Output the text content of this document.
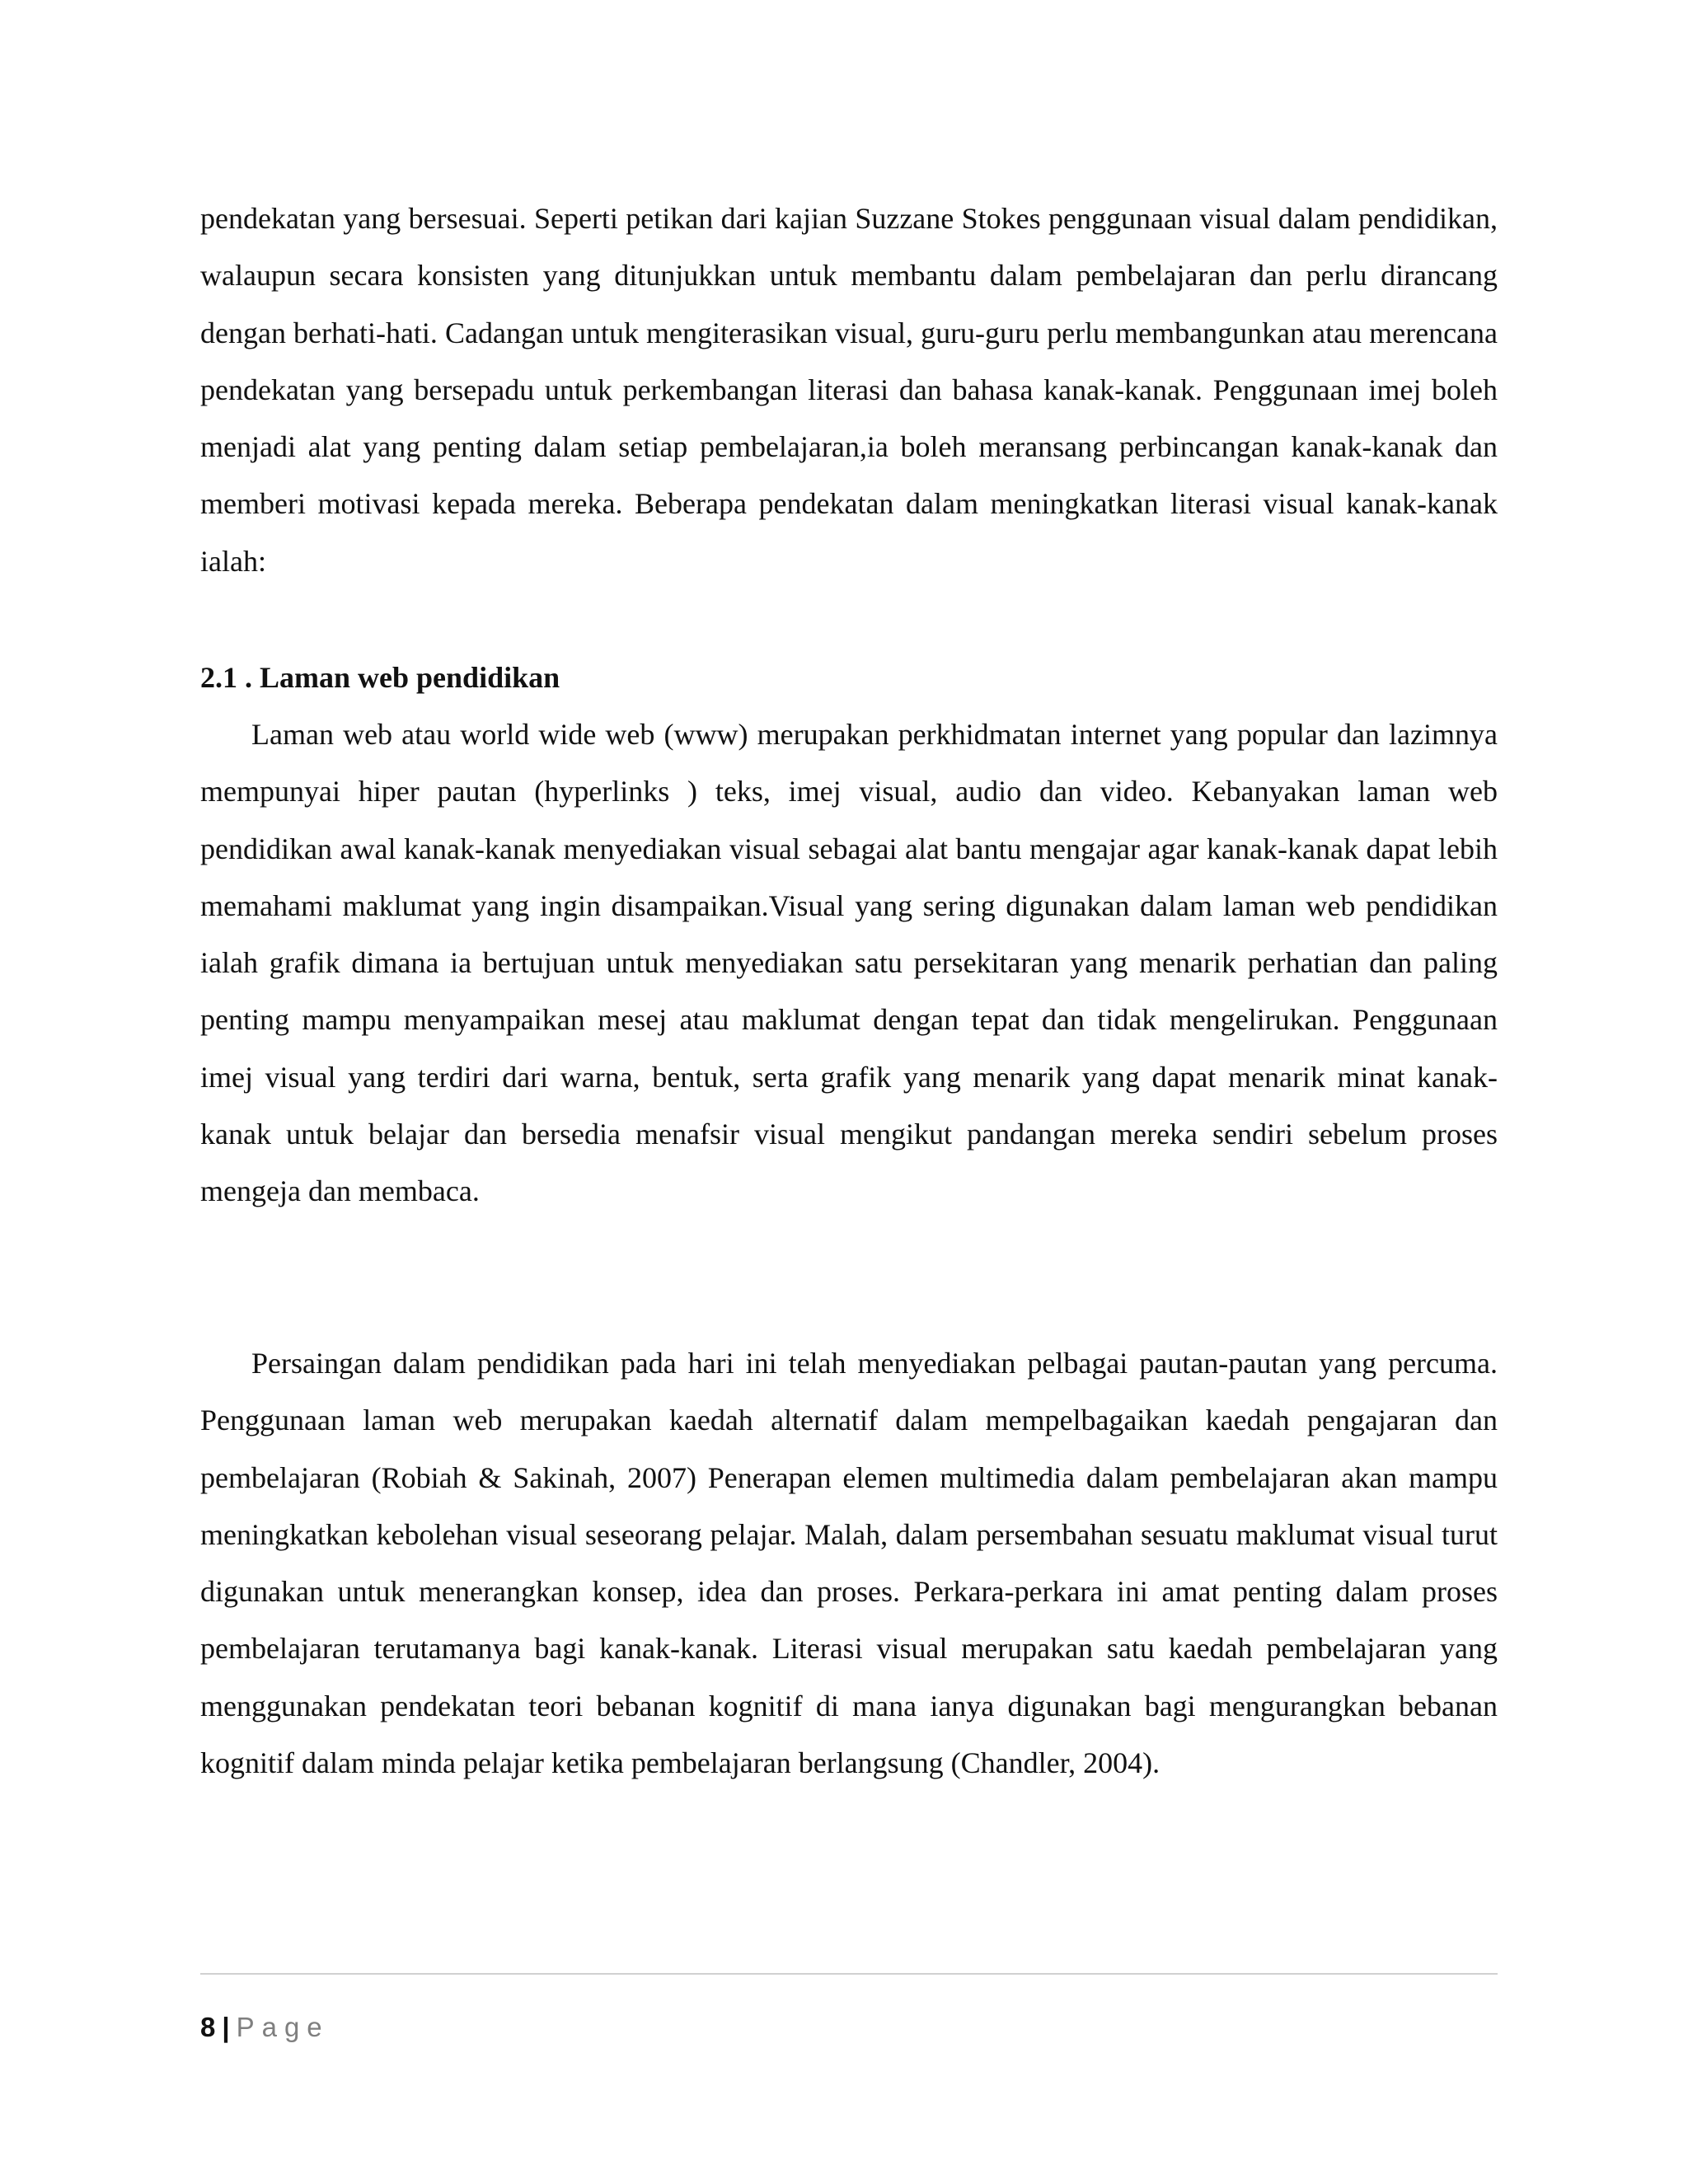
pendekatan yang bersesuai. Seperti petikan dari kajian Suzzane Stokes penggunaan visual dalam pendidikan, walaupun secara konsisten yang ditunjukkan untuk membantu dalam pembelajaran dan perlu dirancang dengan berhati-hati. Cadangan untuk mengiterasikan visual, guru-guru perlu membangunkan atau merencana pendekatan yang bersepadu untuk perkembangan literasi dan bahasa kanak-kanak. Penggunaan imej boleh menjadi alat yang penting dalam setiap pembelajaran,ia boleh meransang perbincangan kanak-kanak dan memberi motivasi kepada mereka. Beberapa pendekatan dalam meningkatkan literasi visual kanak-kanak ialah:

2.1 . Laman web pendidikan

Laman web atau world wide web (www) merupakan perkhidmatan internet yang popular dan lazimnya mempunyai hiper pautan (hyperlinks ) teks, imej visual, audio dan video. Kebanyakan laman web pendidikan awal kanak-kanak menyediakan visual sebagai alat bantu mengajar agar kanak-kanak dapat lebih memahami maklumat yang ingin disampaikan.Visual yang sering digunakan dalam laman web pendidikan ialah grafik dimana ia bertujuan untuk menyediakan satu persekitaran yang menarik perhatian dan paling penting mampu menyampaikan mesej atau maklumat dengan tepat dan tidak mengelirukan. Penggunaan imej visual yang terdiri dari warna, bentuk, serta grafik yang menarik yang dapat menarik minat kanak-kanak untuk belajar dan bersedia menafsir visual mengikut pandangan mereka sendiri sebelum proses mengeja dan membaca.

Persaingan dalam pendidikan pada hari ini telah menyediakan pelbagai pautan-pautan yang percuma. Penggunaan laman web merupakan kaedah alternatif dalam mempelbagaikan kaedah pengajaran dan pembelajaran (Robiah & Sakinah, 2007) Penerapan elemen multimedia dalam pembelajaran akan mampu meningkatkan kebolehan visual seseorang pelajar. Malah, dalam persembahan sesuatu maklumat visual turut digunakan untuk menerangkan konsep, idea dan proses. Perkara-perkara ini amat penting dalam proses pembelajaran terutamanya bagi kanak-kanak. Literasi visual merupakan satu kaedah pembelajaran yang menggunakan pendekatan teori bebanan kognitif di mana ianya digunakan bagi mengurangkan bebanan kognitif dalam minda pelajar ketika pembelajaran berlangsung (Chandler, 2004).

8 | Page
